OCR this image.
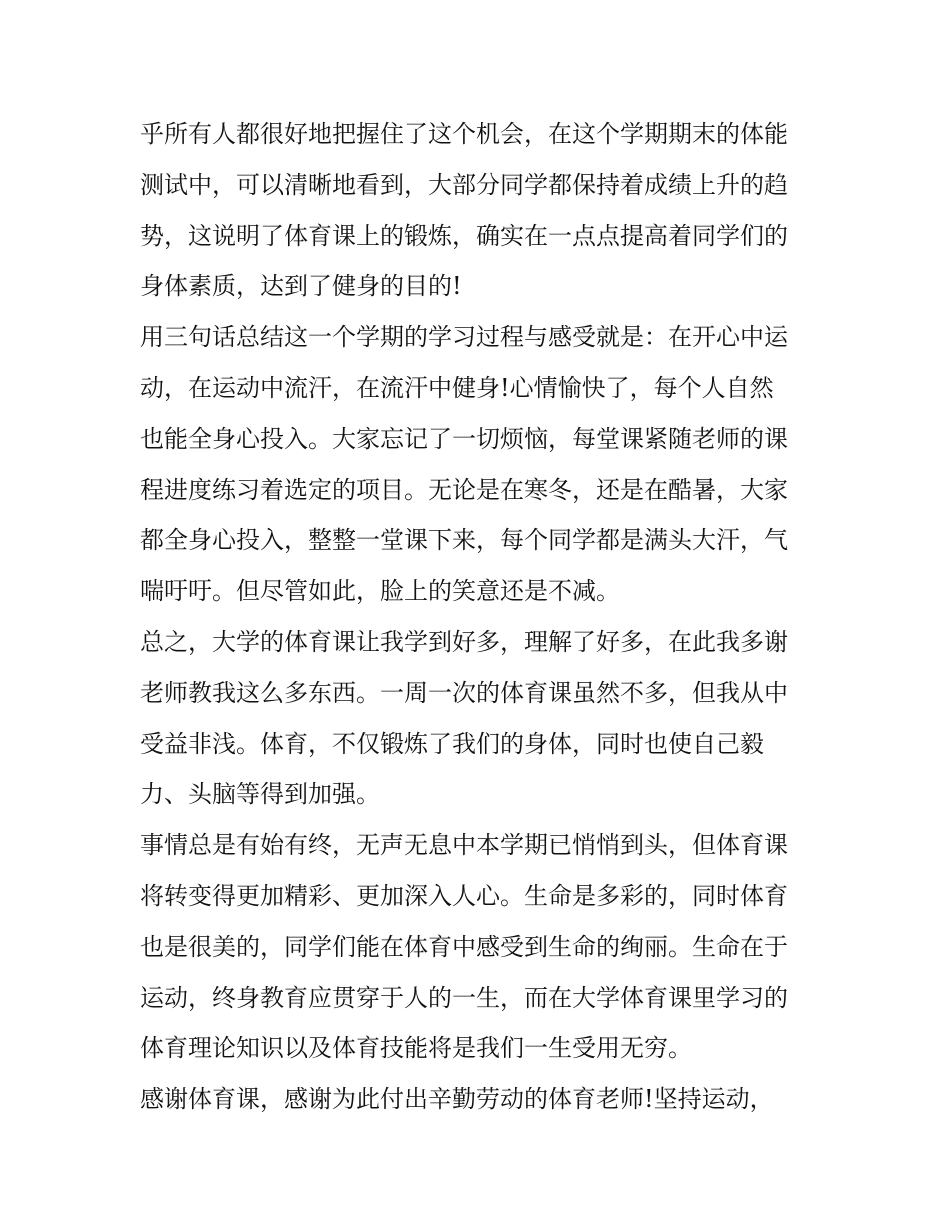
乎所有人都很好地把握住了这个机会，在这个学期期末的体能
测试中，可以清晰地看到，大部分同学都保持着成绩上升的趋
势，这说明了体育课上的锻炼，确实在一点点提高着同学们的
身体素质，达到了健身的目的!
用三句话总结这一个学期的学习过程与感受就是：在开心中运
动，在运动中流汗，在流汗中健身!心情愉快了，每个人自然
也能全身心投入。大家忘记了一切烦恼，每堂课紧随老师的课
程进度练习着选定的项目。无论是在寒冬，还是在酷暑，大家
都全身心投入，整整一堂课下来，每个同学都是满头大汗，气
喘吁吁。但尽管如此，脸上的笑意还是不减。
总之，大学的体育课让我学到好多，理解了好多，在此我多谢
老师教我这么多东西。一周一次的体育课虽然不多，但我从中
受益非浅。体育，不仅锻炼了我们的身体，同时也使自己毅
力、头脑等得到加强。
事情总是有始有终，无声无息中本学期已悄悄到头，但体育课
将转变得更加精彩、更加深入人心。生命是多彩的，同时体育
也是很美的，同学们能在体育中感受到生命的绚丽。生命在于
运动，终身教育应贯穿于人的一生，而在大学体育课里学习的
体育理论知识以及体育技能将是我们一生受用无穷。
感谢体育课，感谢为此付出辛勤劳动的体育老师!坚持运动，
